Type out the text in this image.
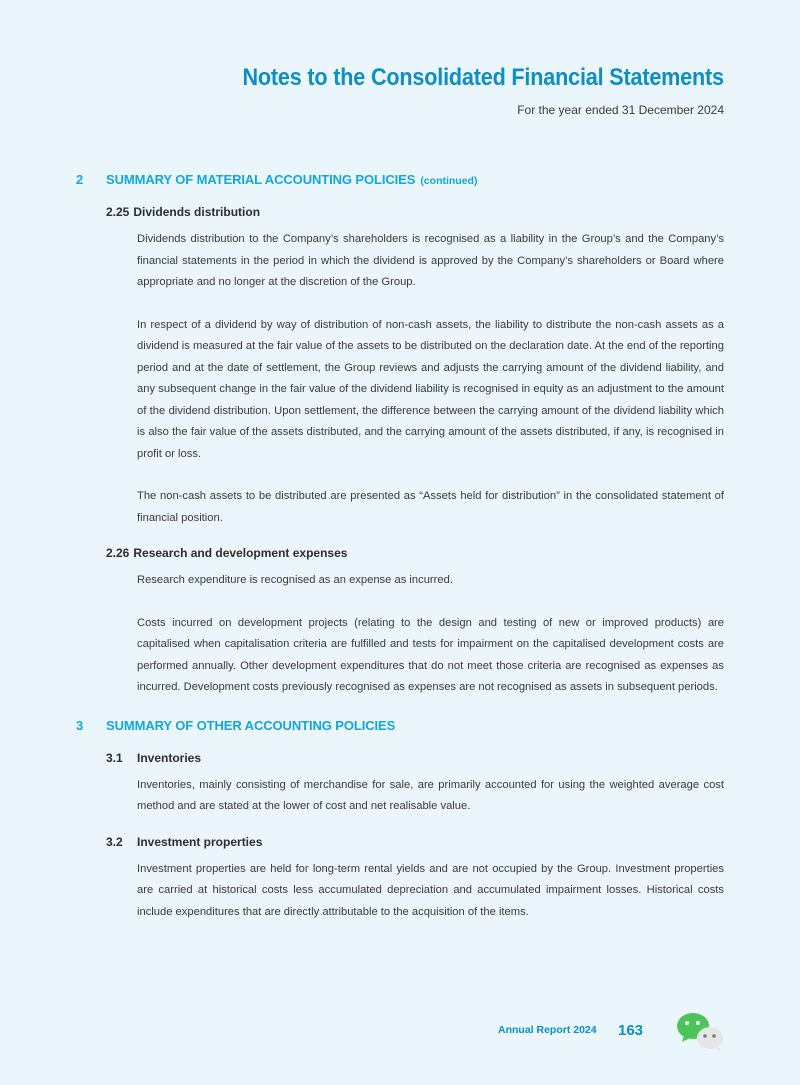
Notes to the Consolidated Financial Statements
For the year ended 31 December 2024
2	SUMMARY OF MATERIAL ACCOUNTING POLICIES (continued)
2.25 Dividends distribution

Dividends distribution to the Company’s shareholders is recognised as a liability in the Group’s and the Company’s financial statements in the period in which the dividend is approved by the Company’s shareholders or Board where appropriate and no longer at the discretion of the Group.

In respect of a dividend by way of distribution of non-cash assets, the liability to distribute the non-cash assets as a dividend is measured at the fair value of the assets to be distributed on the declaration date. At the end of the reporting period and at the date of settlement, the Group reviews and adjusts the carrying amount of the dividend liability, and any subsequent change in the fair value of the dividend liability is recognised in equity as an adjustment to the amount of the dividend distribution. Upon settlement, the difference between the carrying amount of the dividend liability which is also the fair value of the assets distributed, and the carrying amount of the assets distributed, if any, is recognised in profit or loss.

The non-cash assets to be distributed are presented as “Assets held for distribution” in the consolidated statement of financial position.

2.26 Research and development expenses

Research expenditure is recognised as an expense as incurred.

Costs incurred on development projects (relating to the design and testing of new or improved products) are capitalised when capitalisation criteria are fulfilled and tests for impairment on the capitalised development costs are performed annually. Other development expenditures that do not meet those criteria are recognised as expenses as incurred. Development costs previously recognised as expenses are not recognised as assets in subsequent periods.

3	SUMMARY OF OTHER ACCOUNTING POLICIES
3.1	Inventories

Inventories, mainly consisting of merchandise for sale, are primarily accounted for using the weighted average cost method and are stated at the lower of cost and net realisable value.

3.2	Investment properties

Investment properties are held for long-term rental yields and are not occupied by the Group. Investment properties are carried at historical costs less accumulated depreciation and accumulated impairment losses. Historical costs include expenditures that are directly attributable to the acquisition of the items.

Annual Report 2024 163
